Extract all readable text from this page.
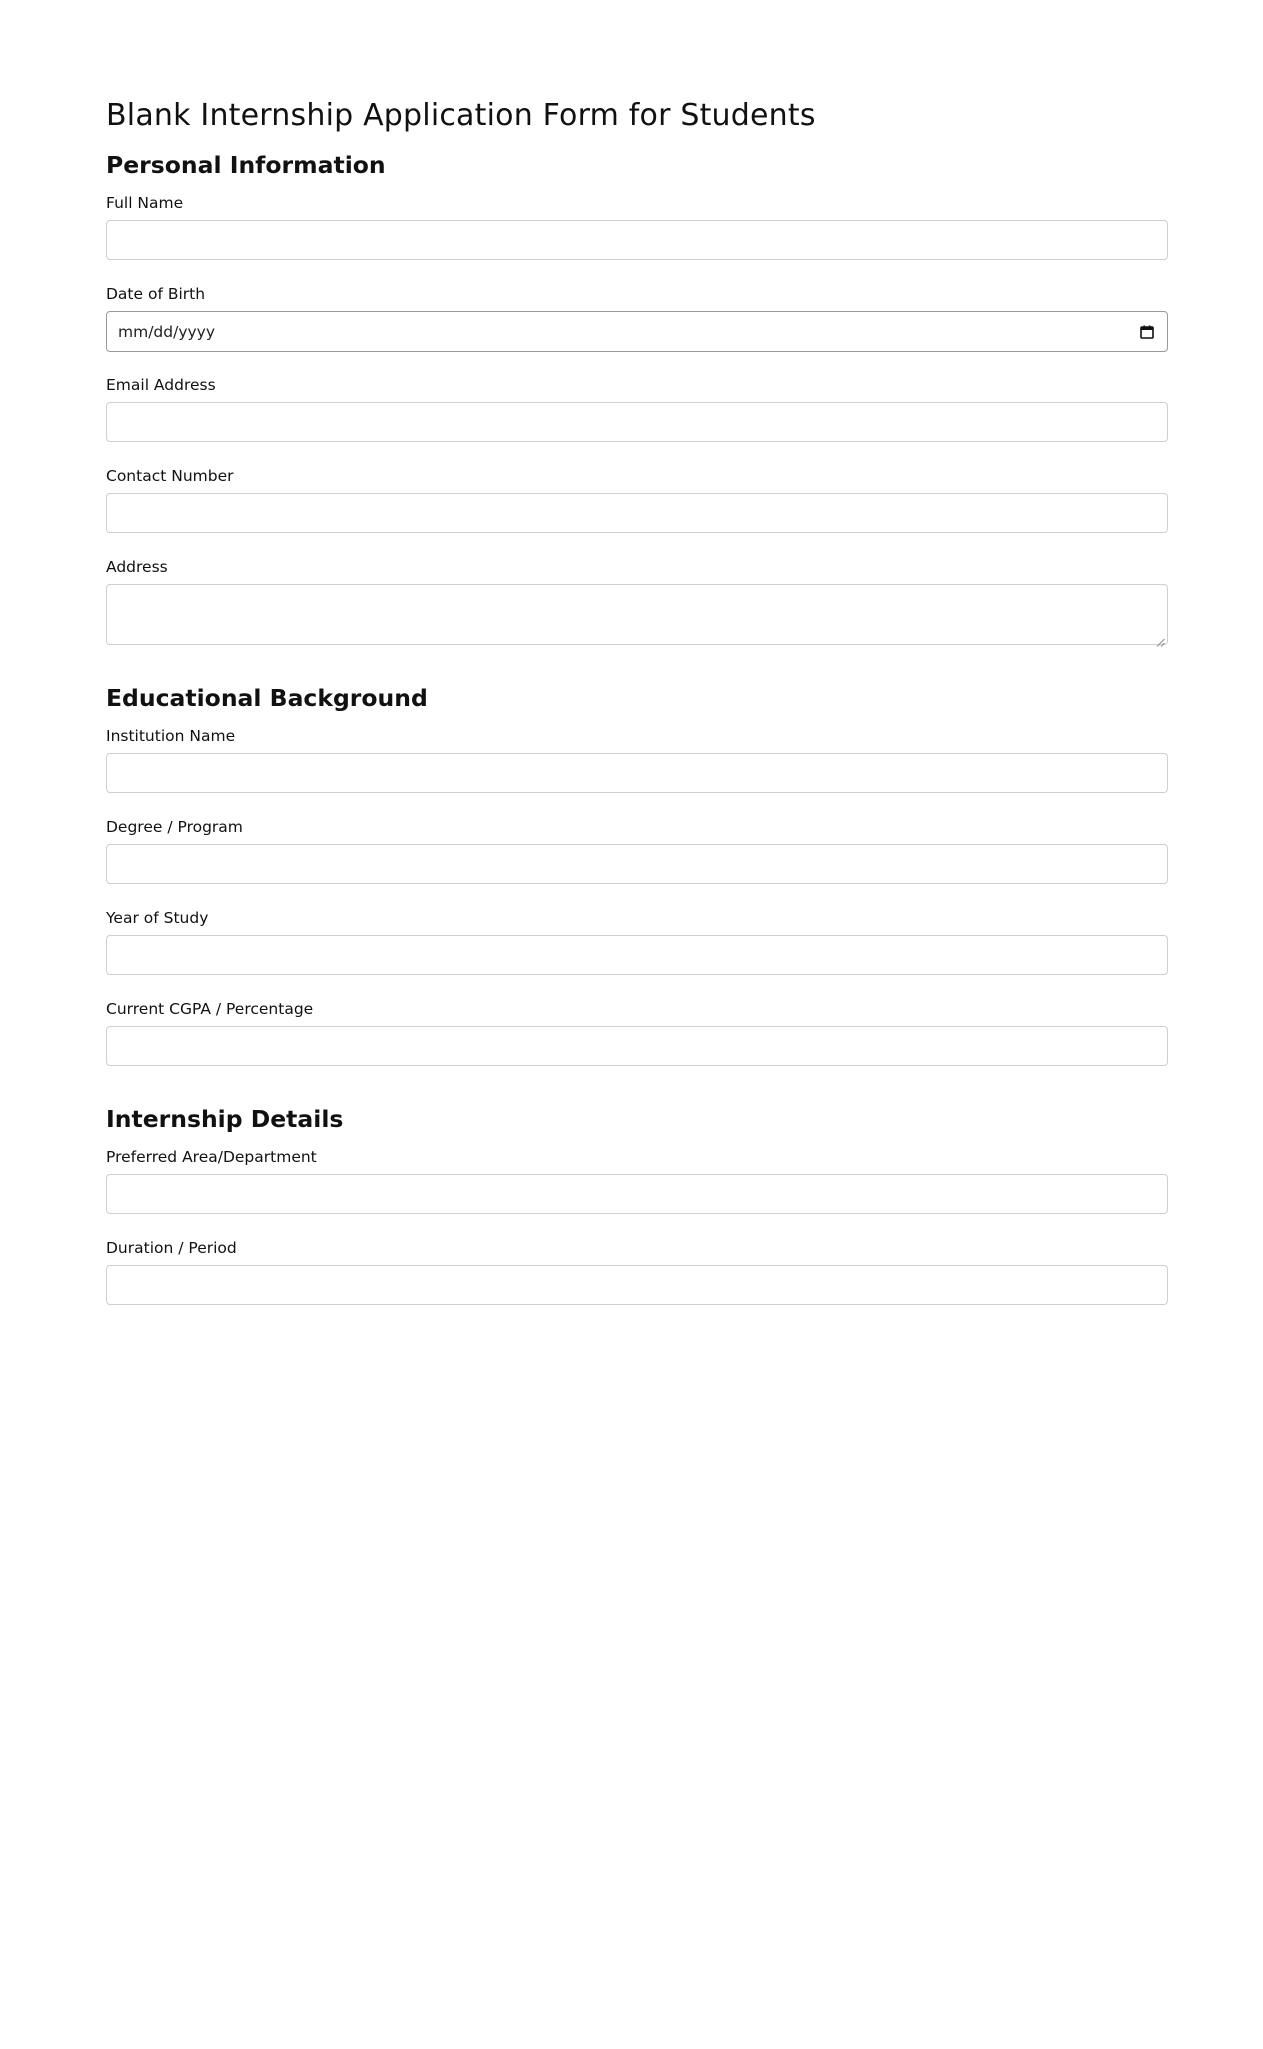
Blank Internship Application Form for Students
Personal Information
Full Name
Date of Birth
mm/dd/yyyy
Email Address
Contact Number
Address
Educational Background
Institution Name
Degree / Program
Year of Study
Current CGPA / Percentage
Internship Details
Preferred Area/Department
Duration / Period
